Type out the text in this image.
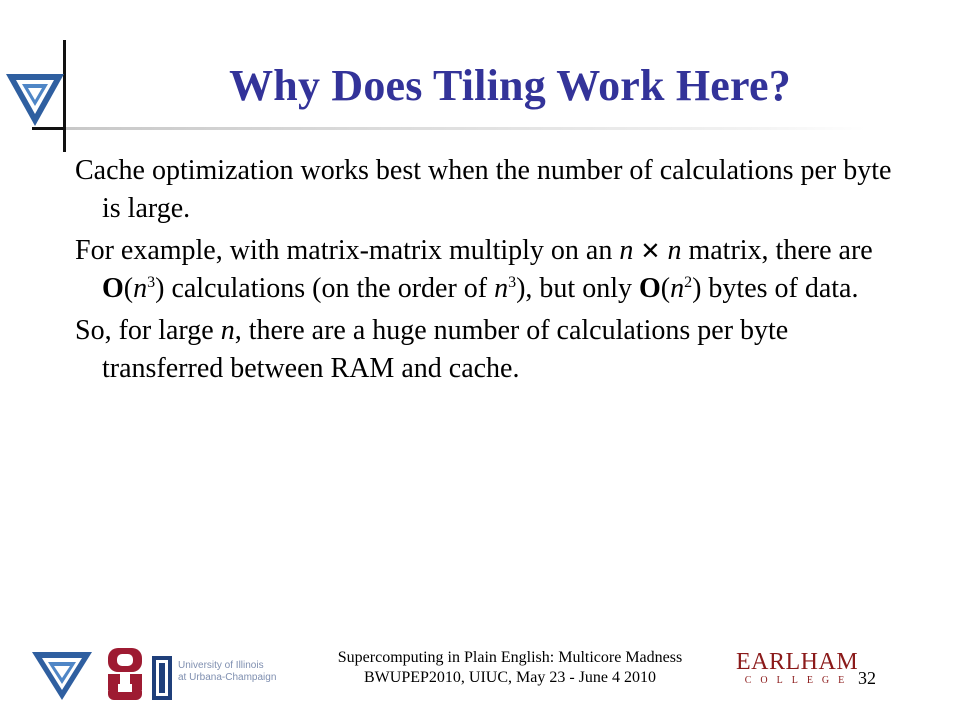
Why Does Tiling Work Here?

Cache optimization works best when the number of calculations per byte is large.

For example, with matrix-matrix multiply on an n ✕ n matrix, there are $O(n^3)$ calculations (on the order of $n^3$), but only $O(n^2)$ bytes of data.

So, for large n, there are a huge number of calculations per byte transferred between RAM and cache.

University of Illinois
at Urbana-Champaign
Supercomputing in Plain English: Multicore Madness
BWUPEP2010, UIUC, May 23 - June 4 2010
EARLHAM
COLLEGE 32
